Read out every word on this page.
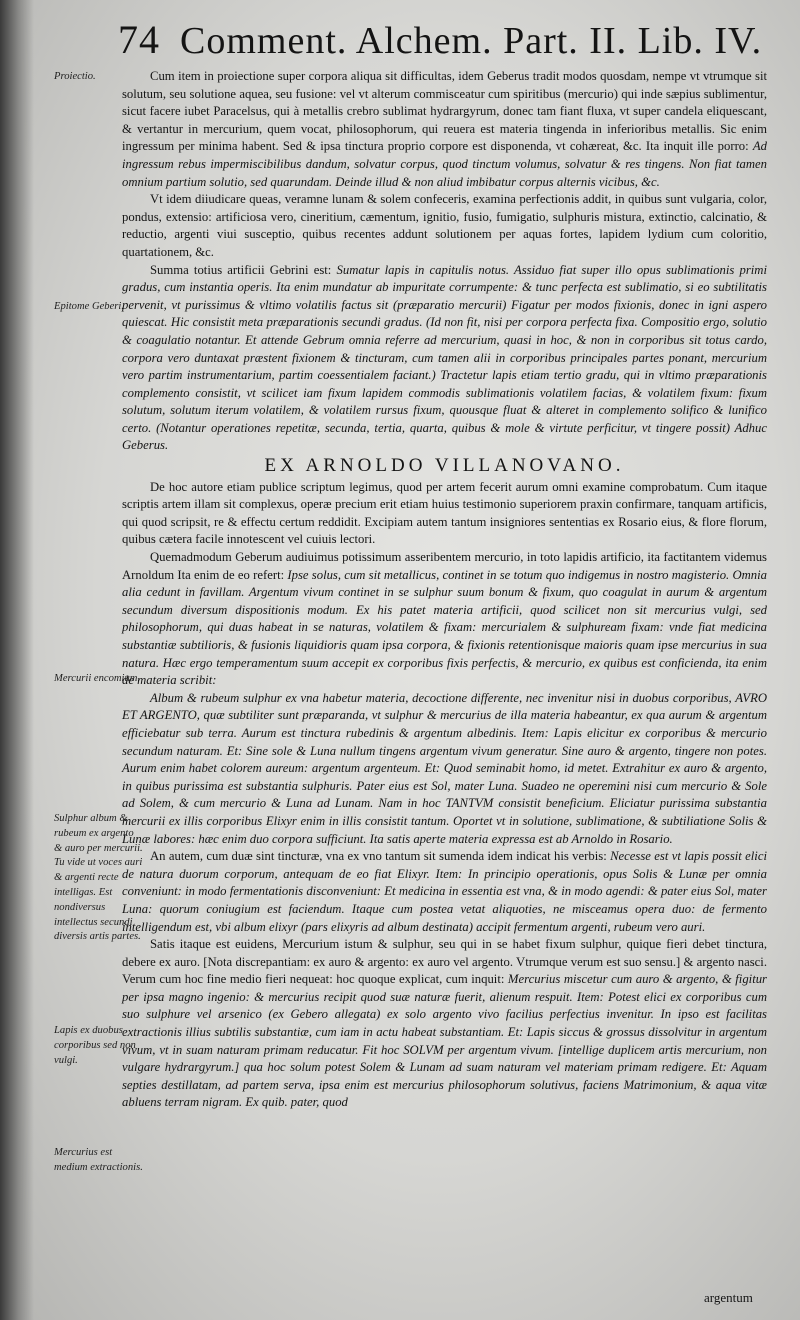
74 Comment. Alchem. Part. II. Lib. IV.
Proiectio.
Epitome Geberi.
Mercurii encomium.
Sulphur album & rubeum ex argento & auro per mercurii. Tu vide ut voces auri & argenti recte intelligas. Est nondiversus intellectus secundi diversis artis partes.
Lapis ex duobus corporibus sed non vulgi.
Mercurius est medium extractionis.

Cum item in proiectione super corpora aliqua sit difficultas, idem Geberus tradit modos quosdam, nempe vt vtrumque sit solutum, seu solutione aquea, seu fusione: vel vt alterum commisceatur cum spiritibus (mercurio) qui inde sæpius sublimentur, sicut facere iubet Paracelsus, qui à metallis crebro sublimat hydrargyrum, donec tam fiant fluxa, vt super candela eliquescant, & vertantur in mercurium, quem vocat, philosophorum, qui reuera est materia tingenda in inferioribus metallis. Sic enim ingressum per minima habent. Sed & ipsa tinctura proprio corpore est disponenda, vt cohæreat, &c. Ita inquit ille porro: Ad ingressum rebus impermiscibilibus dandum, solvatur corpus, quod tinctum volumus, solvatur & res tingens. Non fiat tamen omnium partium solutio, sed quarundam. Deinde illud & non aliud imbibatur corpus alternis vicibus, &c.

Vt idem diiudicare queas, veramne lunam & solem confeceris, examina perfectionis addit, in quibus sunt vulgaria, color, pondus, extensio: artificiosa vero, cineritium, cæmentum, ignitio, fusio, fumigatio, sulphuris mistura, extinctio, calcinatio, & reductio, argenti viui susceptio, quibus recentes addunt solutionem per aquas fortes, lapidem lydium cum coloritio, quartationem, &c.

Summa totius artificii Gebrini est: Sumatur lapis in capitulis notus. Assiduo fiat super illo opus sublimationis primi gradus, cum instantia operis. Ita enim mundatur ab impuritate corrumpente: & tunc perfecta est sublimatio, si eo subtilitatis pervenit, vt purissimus & vltimo volatilis factus sit (præparatio mercurii) Figatur per modos fixionis, donec in igni aspero quiescat. Hic consistit meta præparationis secundi gradus. (Id non fit, nisi per corpora perfecta fixa. Compositio ergo, solutio & coagulatio notantur. Et attende Gebrum omnia referre ad mercurium, quasi in hoc, & non in corporibus sit totus cardo, corpora vero duntaxat præstent fixionem & tincturam, cum tamen alii in corporibus principales partes ponant, mercurium vero partim instrumentarium, partim coessentialem faciant.) Tractetur lapis etiam tertio gradu, qui in vltimo præparationis complemento consistit, vt scilicet iam fixum lapidem commodis sublimationis volatilem facias, & volatilem fixum: fixum solutum, solutum iterum volatilem, & volatilem rursus fixum, quousque fluat & alteret in complemento solifico & lunifico certo. (Notantur operationes repetitæ, secunda, tertia, quarta, quibus & mole & virtute perficitur, vt tingere possit) Adhuc Geberus.

EX ARNOLDO VILLANOVANO.

De hoc autore etiam publice scriptum legimus, quod per artem fecerit aurum omni examine comprobatum. Cum itaque scriptis artem illam sit complexus, operæ precium erit etiam huius testimonio superiorem praxin confirmare, tanquam artificis, qui quod scripsit, re & effectu certum reddidit. Excipiam autem tantum insigniores sententias ex Rosario eius, & flore florum, quibus cætera facile innotescent vel cuiuis lectori.

Quemadmodum Geberum audiuimus potissimum asseribentem mercurio, in toto lapidis artificio, ita factitantem videmus Arnoldum Ita enim de eo refert: Ipse solus, cum sit metallicus, continet in se totum quo indigemus in nostro magisterio. Omnia alia cedunt in favillam. Argentum vivum continet in se sulphur suum bonum & fixum, quo coagulat in aurum & argentum secundum diversum dispositionis modum. Ex his patet materia artificii, quod scilicet non sit mercurius vulgi, sed philosophorum, qui duas habeat in se naturas, volatilem & fixam: mercurialem & sulphuream fixam: vnde fiat medicina substantiæ subtilioris, & fusionis liquidioris quam ipsa corpora, & fixionis retentionisque maioris quam ipse mercurius in sua natura. Hæc ergo temperamentum suum accepit ex corporibus fixis perfectis, & mercurio, ex quibus est conficienda, ita enim de materia scribit:

Album & rubeum sulphur ex vna habetur materia, decoctione differente, nec invenitur nisi in duobus corporibus, AVRO ET ARGENTO, quæ subtiliter sunt præparanda, vt sulphur & mercurius de illa materia habeantur, ex qua aurum & argentum efficiebatur sub terra. Aurum est tinctura rubedinis & argentum albedinis. Item: Lapis elicitur ex corporibus & mercurio secundum naturam. Et: Sine sole & Luna nullum tingens argentum vivum generatur. Sine auro & argento, tingere non potes. Aurum enim habet colorem aureum: argentum argenteum. Et: Quod seminabit homo, id metet. Extrahitur ex auro & argento, in quibus purissima est substantia sulphuris. Pater eius est Sol, mater Luna. Suadeo ne operemini nisi cum mercurio & Sole ad Solem, & cum mercurio & Luna ad Lunam. Nam in hoc TANTVM consistit beneficium. Eliciatur purissima substantia mercurii ex illis corporibus Elixyr enim in illis consistit tantum. Oportet vt in solutione, sublimatione, & subtiliatione Solis & Lunæ labores: hæc enim duo corpora sufficiunt. Ita satis aperte materia expressa est ab Arnoldo in Rosario.

An autem, cum duæ sint tincturæ, vna ex vno tantum sit sumenda idem indicat his verbis: Necesse est vt lapis possit elici de natura duorum corporum, antequam de eo fiat Elixyr. Item: In principio operationis, opus Solis & Lunæ per omnia conveniunt: in modo fermentationis disconveniunt: Et medicina in essentia est vna, & in modo agendi: & pater eius Sol, mater Luna: quorum coniugium est faciendum. Itaque cum postea vetat aliquoties, ne misceamus opera duo: de fermento intelligendum est, vbi album elixyr (pars elixyris ad album destinata) accipit fermentum argenti, rubeum vero auri.

Satis itaque est euidens, Mercurium istum & sulphur, seu qui in se habet fixum sulphur, quique fieri debet tinctura, debere ex auro. [Nota discrepantiam: ex auro & argento: ex auro vel argento. Vtrumque verum est suo sensu.] & argento nasci. Verum cum hoc fine medio fieri nequeat: hoc quoque explicat, cum inquit: Mercurius miscetur cum auro & argento, & figitur per ipsa magno ingenio: & mercurius recipit quod suæ naturæ fuerit, alienum respuit. Item: Potest elici ex corporibus cum suo sulphure vel arsenico (ex Gebero allegata) ex solo argento vivo facilius perfectius invenitur. In ipso est facilitas extractionis illius subtilis substantiæ, cum iam in actu habeat substantiam. Et: Lapis siccus & grossus dissolvitur in argentum vivum, vt in suam naturam primam reducatur. Fit hoc SOLVM per argentum vivum. [intellige duplicem artis mercurium, non vulgare hydrargyrum.] qua hoc solum potest Solem & Lunam ad suam naturam vel materiam primam redigere. Et: Aquam septies destillatam, ad partem serva, ipsa enim est mercurius philosophorum solutivus, faciens Matrimonium, & aqua vitæ abluens terram nigram. Ex quib. pater, quod

argentum
